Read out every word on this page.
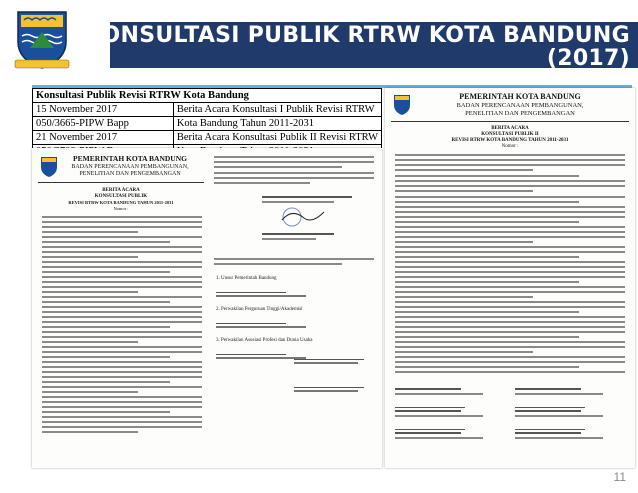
KONSULTASI PUBLIK RTRW KOTA BANDUNG
(2017)
Konsultasi Publik Revisi RTRW Kota Bandung	
15 November 2017	Berita Acara Konsultasi I Publik Revisi RTRW
050/3665-PIPW Bapp	Kota Bandung Tahun 2011-2031
21 November 2017	Berita Acara Konsultasi Publik II Revisi RTRW

PEMERINTAH KOTA BANDUNG
BADAN PERENCANAAN PEMBANGUNAN,
PENELITIAN DAN PENGEMBANGAN
BERITA ACARA
KONSULTASI PUBLIK II
REVISI RTRW KOTA BANDUNG TAHUN 2011-2031
Nomor :
PEMERINTAH KOTA BANDUNG
BADAN PERENCANAAN PEMBANGUNAN,
PENELITIAN DAN PENGEMBANGAN
BERITA ACARA
KONSULTASI PUBLIK
REVISI RTRW KOTA BANDUNG TAHUN 2011-2031
Nomor :
1. Unsur Pemerintah Bandung
2. Perwakilan Perguruan Tinggi/Akademisi
3. Perwakilan Asosiasi Profesi dan Dunia Usaha
11
